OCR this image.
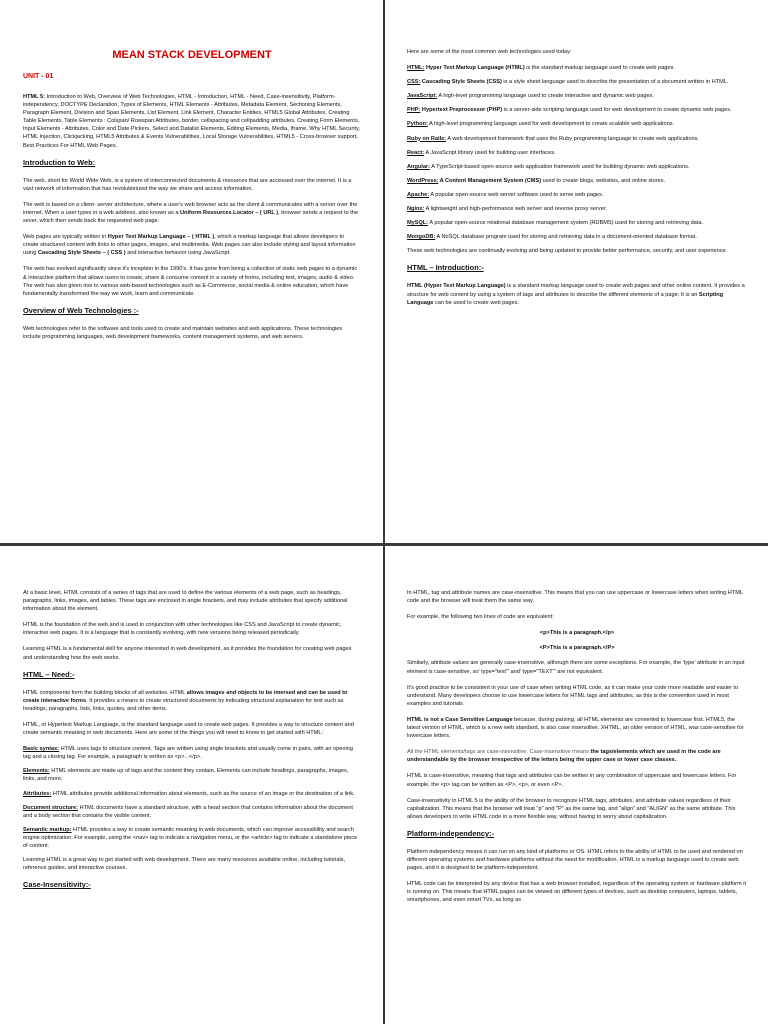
MEAN STACK DEVELOPMENT
UNIT - 01

HTML 5: Introduction to Web, Overview of Web Technologies, HTML - Introduction, HTML - Need, Case-insensitivity, Platform-independency, DOCTYPE Declaration, Types of Elements, HTML Elements - Attributes, Metadata Element, Sectioning Elements, Paragraph Element, Division and Span Elements, List Element, Link Element, Character Entities, HTML5 Global Attributes, Creating Table Elements, Table Elements : Colspan/ Rowspan Attributes, border, cellspacing and cellpadding attributes, Creating Form Elements, Input Elements - Attributes, Color and Date Pickers, Select and Datalist Elements, Editing Elements, Media, Iframe, Why HTML Security, HTML Injection, Clickjacking, HTML5 Attributes & Events Vulnerabilities, Local Storage Vulnerabilities, HTML5 - Cross-browser support, Best Practices For HTML Web Pages.

Introduction to Web:

The web, short for World Wide Web, is a system of interconnected documents & resources that are accessed over the internet. It is a vast network of information that has revolutionized the way we share and access information.

The web is based on a client- server architecture, where a user's web browser acts as the client & communicates with a server over the internet. When a user types in a web address, also known as a Uniform Resources Locator – ( URL ), browser sends a request to the sever, which then sends back the requested web page.

Web pages are typically written in Hyper Text Markup Language – ( HTML ), which a markup language that allows developers to create structured content with links to other pages, images, and multimedia. Web pages can also include styling and layout information using Cascading Style Sheets – ( CSS ) and interactive behavior using JavaScript.

The web has evolved significantly since it's inception in the 1990's. It has gone from being a collection of static web pages to a dynamic & interactive platform that allows users to create, share & consume content in a variety of forms, including text, images, audio & video. The web has also given rise to various web-based technologies such as E-Commerce, social media & online education, which have fundamentally transformed the way we work, learn and communicate.

Overview of Web Technologies :-

Web technologies refer to the software and tools used to create and maintain websites and web applications. These technologies include programming languages, web development frameworks, content management systems, and web servers.

Here are some of the most common web technologies used today:

HTML: Hyper Text Markup Language (HTML) is the standard markup language used to create web pages.

CSS: Cascading Style Sheets (CSS) is a style sheet language used to describe the presentation of a document written in HTML.

JavaScript: A high-level programming language used to create interactive and dynamic web pages.

PHP: Hypertext Preprocessor (PHP) is a server-side scripting language used for web development to create dynamic web pages.

Python: A high-level programming language used for web development to create scalable web applications.

Ruby on Rails: A web development framework that uses the Ruby programming language to create web applications.

React: A JavaScript library used for building user interfaces.

Angular: A TypeScript-based open-source web application framework used for building dynamic web applications.

WordPress: A Content Management System (CMS) used to create blogs, websites, and online stores.

Apache: A popular open-source web server software used to serve web pages.

Nginx: A lightweight and high-performance web server and reverse proxy server.

MySQL: A popular open-source relational database management system (RDBMS) used for storing and retrieving data.

MongoDB: A NoSQL database program used for storing and retrieving data in a document-oriented database format.

These web technologies are continually evolving and being updated to provide better performance, security, and user experience.

HTML – Introduction:-

HTML (Hyper Text Markup Language) is a standard markup language used to create web pages and other online content. It provides a structure for web content by using a system of tags and attributes to describe the different elements of a page. It is an Scripting Language can be used to create web pages.

At a basic level, HTML consists of a series of tags that are used to define the various elements of a web page, such as headings, paragraphs, links, images, and tables. These tags are enclosed in angle brackets, and may include attributes that specify additional information about the element.

HTML is the foundation of the web and is used in conjunction with other technologies like CSS and JavaScript to create dynamic, interactive web pages. It is a language that is constantly evolving, with new versions being released periodically.

Learning HTML is a fundamental skill for anyone interested in web development, as it provides the foundation for creating web pages and understanding how the web works.

HTML – Need:-

HTML components form the building blocks of all websites. HTML allows images and objects to be imersed and can be used to create interactive forms. It provides a means to create structured documents by indicating structural explanation for text such as headings, paragraphs, lists, links, quotes, and other items.

HTML, or Hypertext Markup Language, is the standard language used to create web pages. It provides a way to structure content and create semantic meaning in web documents. Here are some of the things you will need to know to get started with HTML:

Basic syntax: HTML uses tags to structure content. Tags are written using angle brackets and usually come in pairs, with an opening tag and a closing tag. For example, a paragraph is written as <p>...</p>.

Elements: HTML elements are made up of tags and the content they contain. Elements can include headings, paragraphs, images, links, and more.

Attributes: HTML attributes provide additional information about elements, such as the source of an image or the destination of a link.

Document structure: HTML documents have a standard structure, with a head section that contains information about the document and a body section that contains the visible content.

Semantic markup: HTML provides a way to create semantic meaning in web documents, which can improve accessibility and search engine optimization. For example, using the <nav> tag to indicate a navigation menu, or the <article> tag to indicate a standalone piece of content.

Learning HTML is a great way to get started with web development. There are many resources available online, including tutorials, reference guides, and interactive courses.

Case-Insensitivity:-

In HTML, tag and attribute names are case-insensitive. This means that you can use uppercase or lowercase letters when writing HTML code and the browser will treat them the same way.

For example, the following two lines of code are equivalent:

<p>This is a paragraph.</p>
<P>This is a paragraph.</P>

Similarly, attribute values are generally case-insensitive, although there are some exceptions. For example, the 'type' attribute in an input element is case-sensitive, so' type="text"' and' type="TEXT"' are not equivalent.

It's good practice to be consistent in your use of case when writing HTML code, as it can make your code more readable and easier to understand. Many developers choose to use lowercase letters for HTML tags and attributes, as this is the convention used in most examples and tutorials

HTML is not a Case Sensitive Language because, during parsing, all HTML elements are converted to lowercase first. HTML5, the latest version of HTML, which is a new web standard, is also case insensitive. XHTML, an older version of HTML, was case-sensitive for lowercase letters.

All the HTML elements/tags are case-insensitive. Case-insensitive means the tags/elements which are used in the code are understandable by the browser irrespective of the letters being the upper case or lower case classes.

HTML is case-insensitive, meaning that tags and attributes can be written in any combination of uppercase and lowercase letters. For example, the <p> tag can be written as <P>, <p>, or even <P>.

Case-insensitivity in HTML 5 is the ability of the browser to recognize HTML tags, attributes, and attribute values regardless of their capitalization. This means that the browser will treat "p" and "P" as the same tag, and "align" and "ALIGN" as the same attribute. This allows developers to write HTML code in a more flexible way, without having to worry about capitalization.

Platform-independency:-

Platform independency means it can run on any kind of platforms or OS. HTML refers to the ability of HTML to be used and rendered on different operating systems and hardware platforms without the need for modification. HTML is a markup language used to create web pages, and it is designed to be platform-independent.

HTML code can be interpreted by any device that has a web browser installed, regardless of the operating system or hardware platform it is running on. This means that HTML pages can be viewed on different types of devices, such as desktop computers, laptops, tablets, smartphones, and even smart TVs, as long as
